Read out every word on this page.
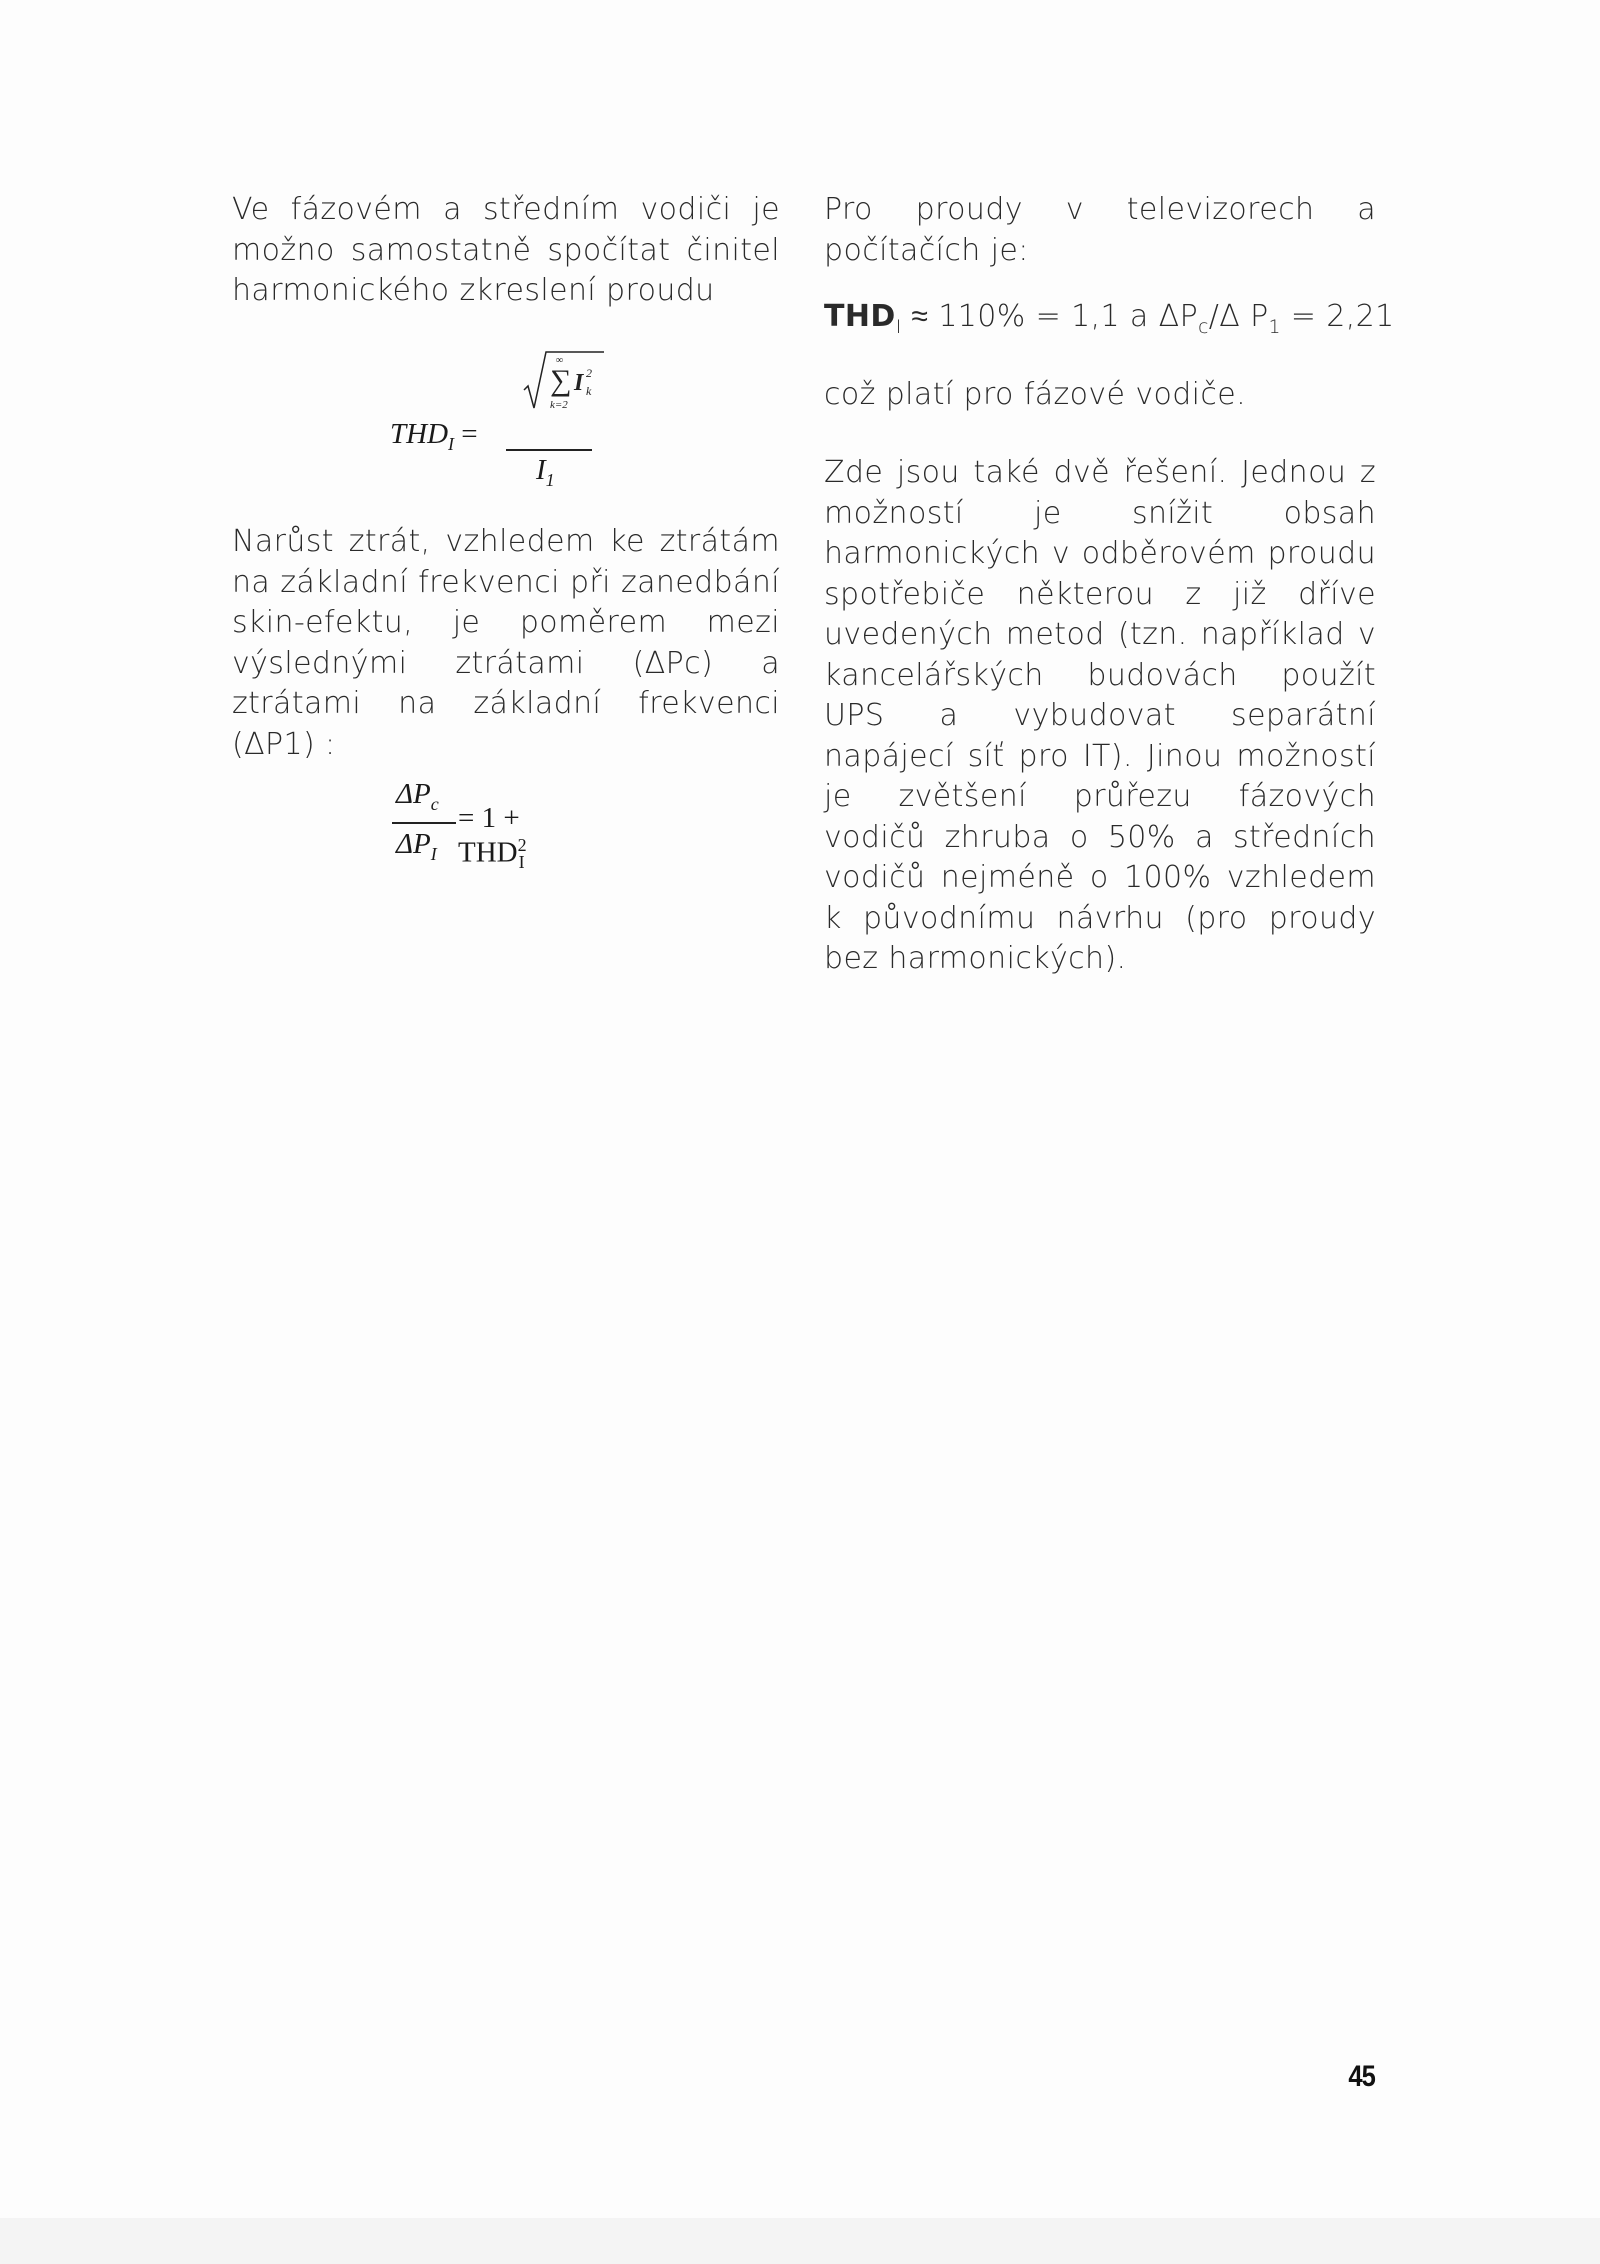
Ve fázovém a středním vodiči je možno samostatně spočítat činitel harmonického zkreslení proudu

$THD_I$ =
∞
∑
k=2
I 2
k
$I_1$

Narůst ztrát, vzhledem ke ztrátám na základní frekvenci při zanedbání skin-efektu, je poměrem mezi výslednými ztrátami (ΔPc) a ztrátami na základní frekvenci (ΔP1) :

$\Delta P_c$
$\Delta P_I$
= $1 + THD^2_I$

Pro proudy v televizorech a počítačích je:

$THD_I \approx 110\% = 1,1$ a $\Delta P_c/\Delta$ $P_1 = 2,21$

což platí pro fázové vodiče.

Zde jsou také dvě řešení. Jednou z možností je snížit obsah harmonických v odběrovém proudu spotřebiče některou z již dříve uvedených metod (tzn. například v kancelářských budovách použít UPS a vybudovat separátní napájecí síť pro IT). Jinou možností je zvětšení průřezu fázových vodičů zhruba o 50% a středních vodičů nejméně o 100% vzhledem k původnímu návrhu (pro proudy bez harmonických).

45
